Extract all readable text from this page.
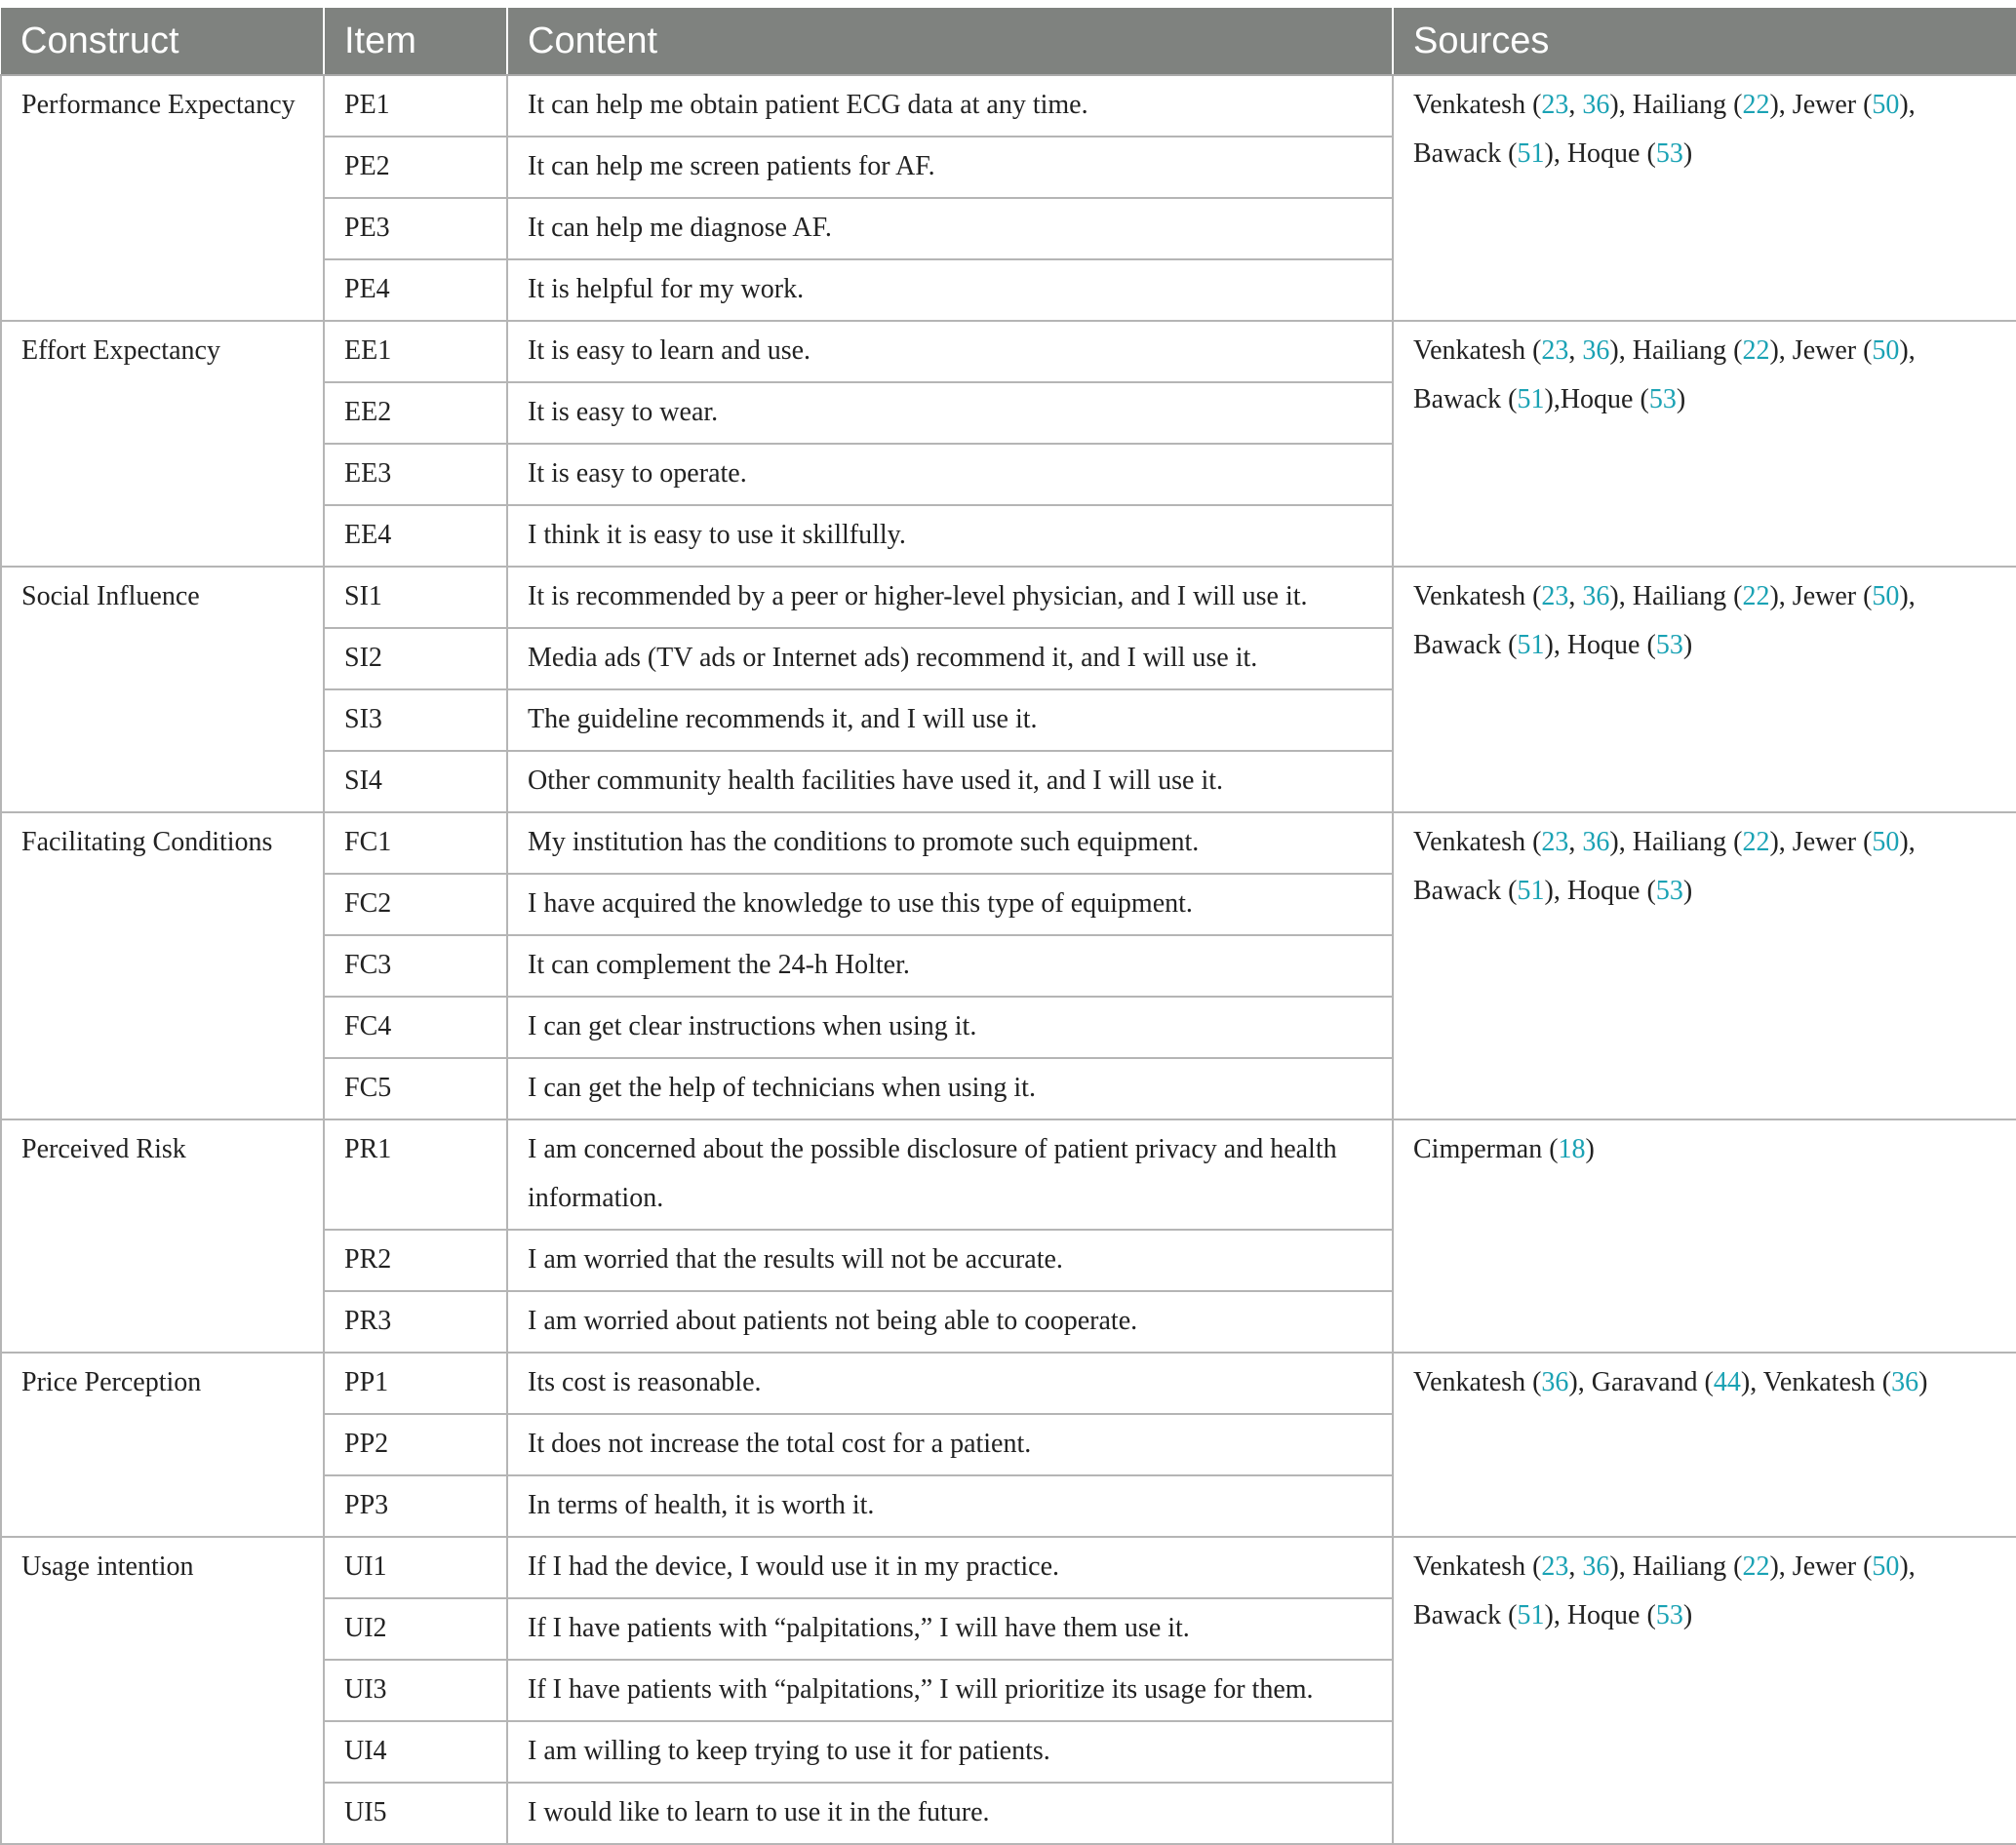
Construct	Item	Content	Sources
Performance Expectancy	PE1	It can help me obtain patient ECG data at any time.	Venkatesh (23, 36), Hailiang (22), Jewer (50), Bawack (51), Hoque (53)
	PE2	It can help me screen patients for AF.	
	PE3	It can help me diagnose AF.	
	PE4	It is helpful for my work.	
Effort Expectancy	EE1	It is easy to learn and use.	Venkatesh (23, 36), Hailiang (22), Jewer (50), Bawack (51),Hoque (53)
	EE2	It is easy to wear.	
	EE3	It is easy to operate.	
	EE4	I think it is easy to use it skillfully.	
Social Influence	SI1	It is recommended by a peer or higher-level physician, and I will use it.	Venkatesh (23, 36), Hailiang (22), Jewer (50), Bawack (51), Hoque (53)
	SI2	Media ads (TV ads or Internet ads) recommend it, and I will use it.	
	SI3	The guideline recommends it, and I will use it.	
	SI4	Other community health facilities have used it, and I will use it.	
Facilitating Conditions	FC1	My institution has the conditions to promote such equipment.	Venkatesh (23, 36), Hailiang (22), Jewer (50), Bawack (51), Hoque (53)
	FC2	I have acquired the knowledge to use this type of equipment.	
	FC3	It can complement the 24-h Holter.	
	FC4	I can get clear instructions when using it.	
	FC5	I can get the help of technicians when using it.	
Perceived Risk	PR1	I am concerned about the possible disclosure of patient privacy and health information.	Cimperman (18)
	PR2	I am worried that the results will not be accurate.	
	PR3	I am worried about patients not being able to cooperate.	
Price Perception	PP1	Its cost is reasonable.	Venkatesh (36), Garavand (44), Venkatesh (36)
	PP2	It does not increase the total cost for a patient.	
	PP3	In terms of health, it is worth it.	
Usage intention	UI1	If I had the device, I would use it in my practice.	Venkatesh (23, 36), Hailiang (22), Jewer (50), Bawack (51), Hoque (53)
	UI2	If I have patients with “palpitations,” I will have them use it.	
	UI3	If I have patients with “palpitations,” I will prioritize its usage for them.	
	UI4	I am willing to keep trying to use it for patients.	
	UI5	I would like to learn to use it in the future.	
